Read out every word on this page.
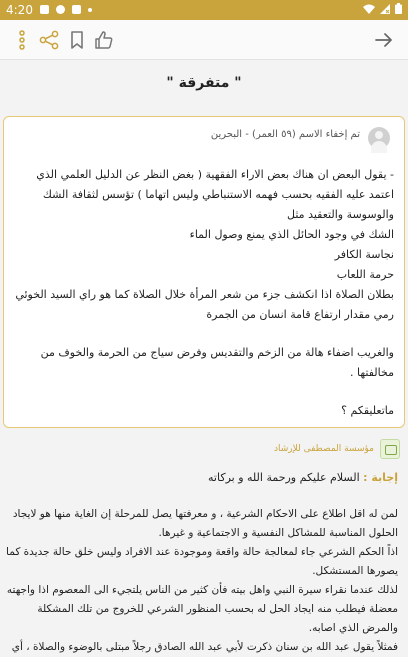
4:20
" متفرقة "
تم إخفاء الاسم (٥٩ العمر) - البحرين
- يقول البعض ان هناك بعض الاراء الفقهية ( بغض النظر عن الدليل العلمي الذي اعتمد عليه الفقيه بحسب فهمه الاستنباطي وليس اتهاما ) تؤسس لثقافة الشك والوسوسة والتعقيد مثل
الشك في وجود الحائل الذي يمنع وصول الماء
نجاسة الكافر
حرمة اللعاب
بطلان الصلاة اذا انكشف جزء من شعر المرأة خلال الصلاة كما هو راي السيد الخوئي
رمي مقدار ارتفاع قامة انسان من الجمرة
والغريب اضفاء هالة من الزخم والتقديس وفرض سياج من الحرمة والخوف من مخالفتها .
ماتعليقكم ؟
مؤسسة المصطفى للإرشاد
إجابة : السلام عليكم ورحمة الله و بركاته
لمن له اقل اطلاع على الاحكام الشرعية ، و معرفتها يصل للمرحلة إن الغاية منها هو لايجاد الحلول المناسبة للمشاكل النفسية و الاجتماعية و غيرها.
اذاً الحكم الشرعي جاء لمعالجة حالة واقعة وموجودة عند الافراد وليس خلق حالة جديدة كما يصورها المستشكل.
لذلك عندما نقراء سيرة النبي واهل بيته فأن كثير من الناس يلتجيء الى المعصوم اذا واجهته معضلة فيطلب منه ايجاد الحل له بحسب المنظور الشرعي للخروج من تلك المشكلة والمرض الذي اصابه.
فمثلاً يقول عبد الله بن سنان ذكرت لأبي عبد الله الصادق رجلاً مبتلى بالوضوء والصلاة ، أي
